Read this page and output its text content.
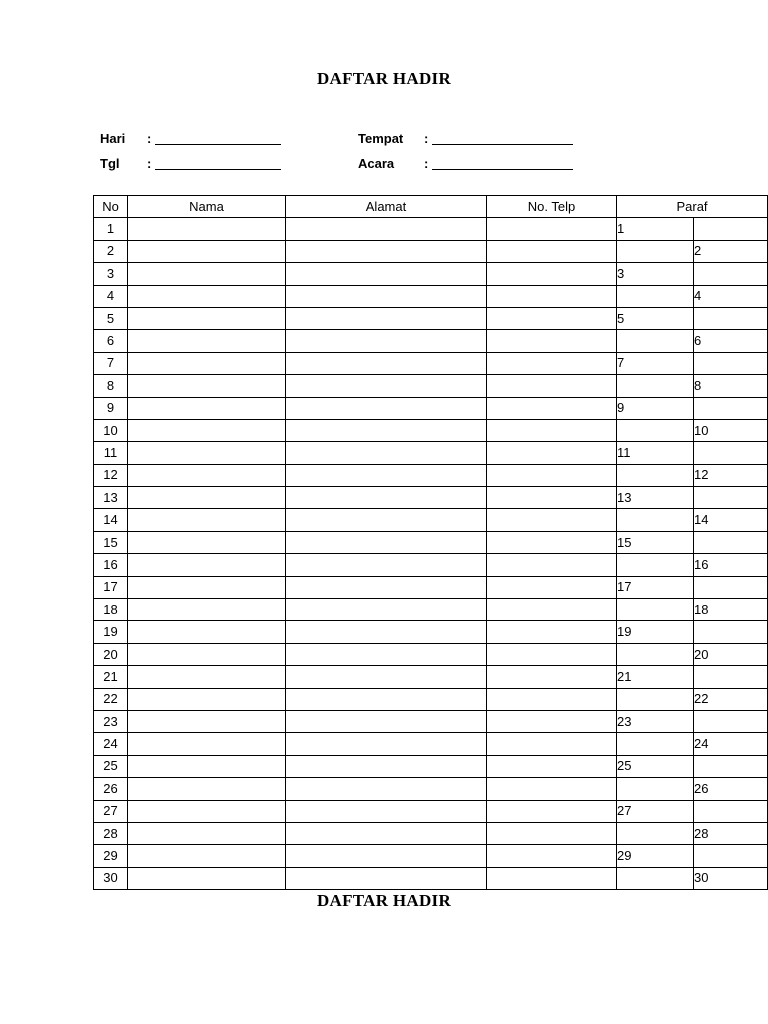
DAFTAR HADIR
Hari :
Tgl :
Tempat :
Acara :
No	Nama	Alamat	No. Telp	Paraf	
1				1	
2					2
3				3	
4					4
5				5	
6					6
7				7	
8					8
9				9	
10					10
11				11	
12					12
13				13	
14					14
15				15	
16					16
17				17	
18					18
19				19	
20					20
21				21	
22					22
23				23	
24					24
25				25	
26					26
27				27	
28					28
29				29	
30					30
DAFTAR HADIR
